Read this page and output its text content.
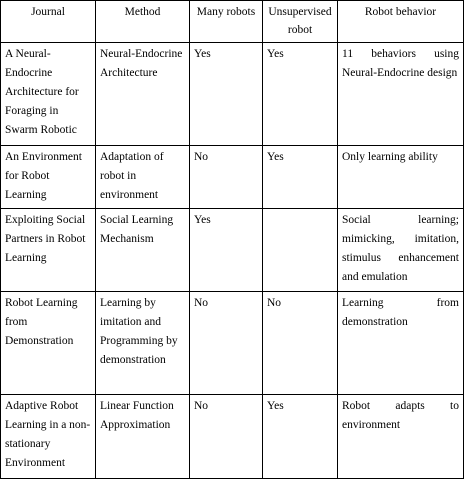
Journal	Method	Many robots	Unsupervised robot	Robot behavior
A Neural-Endocrine Architecture for Foraging in Swarm Robotic	Neural-Endocrine Architecture	Yes	Yes	11 behaviors using Neural-Endocrine design
An Environment for Robot Learning	Adaptation of robot in environment	No	Yes	Only learning ability
Exploiting Social Partners in Robot Learning	Social Learning Mechanism	Yes		Social learning; mimicking, imitation, stimulus enhancement and emulation
Robot Learning from Demonstration	Learning by imitation and Programming by demonstration	No	No	Learning from demonstration
Adaptive Robot Learning in a non-stationary Environment	Linear Function Approximation	No	Yes	Robot adapts to environment
